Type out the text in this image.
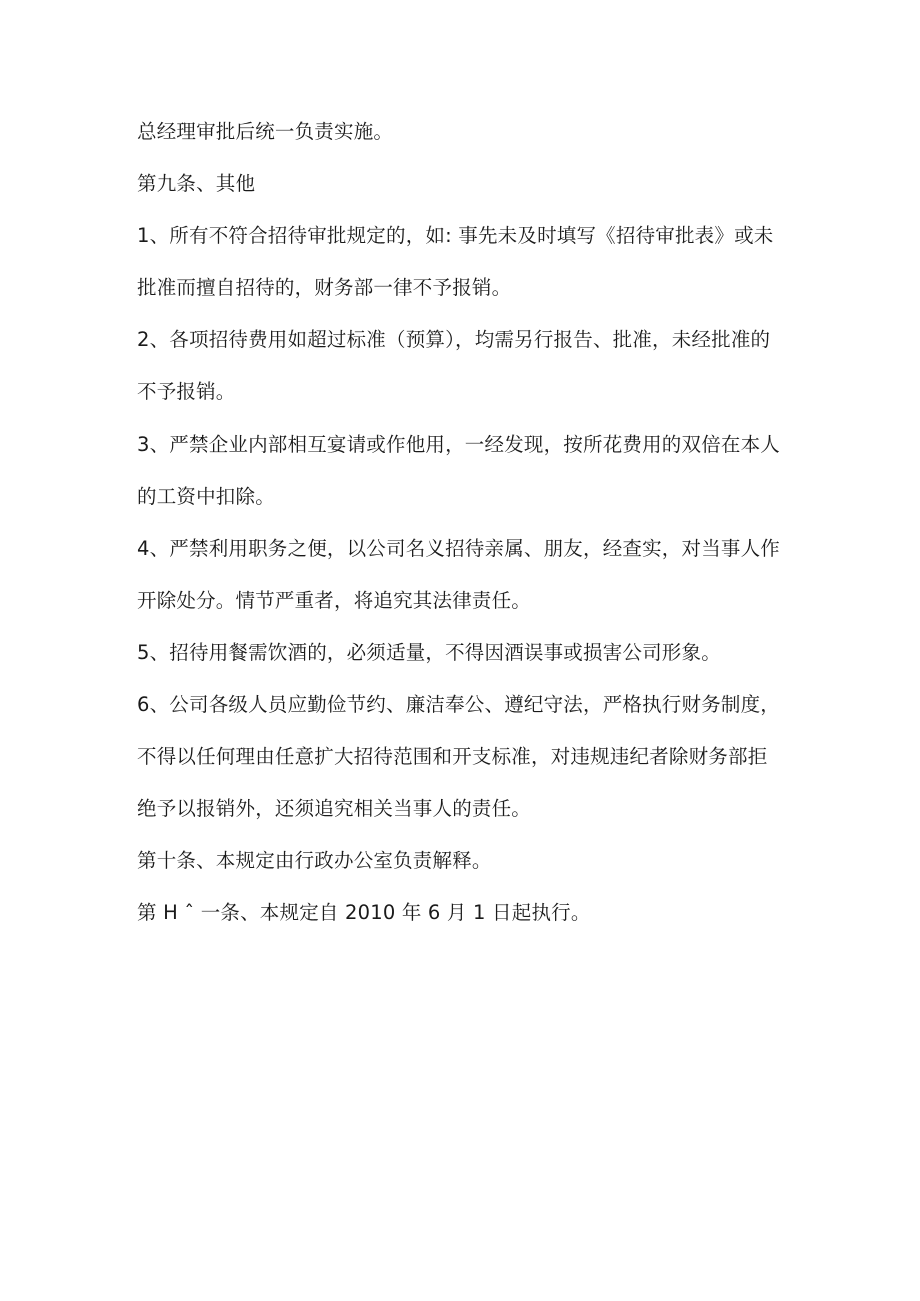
总经理审批后统一负责实施。
第九条、其他
1、所有不符合招待审批规定的，如: 事先未及时填写《招待审批表》或未
批准而擅自招待的，财务部一律不予报销。
2、各项招待费用如超过标准（预算），均需另行报告、批准，未经批准的
不予报销。
3、严禁企业内部相互宴请或作他用，一经发现，按所花费用的双倍在本人
的工资中扣除。
4、严禁利用职务之便，以公司名义招待亲属、朋友，经查实，对当事人作
开除处分。情节严重者，将追究其法律责任。
5、招待用餐需饮酒的，必须适量，不得因酒误事或损害公司形象。
6、公司各级人员应勤俭节约、廉洁奉公、遵纪守法，严格执行财务制度，
不得以任何理由任意扩大招待范围和开支标准，对违规违纪者除财务部拒
绝予以报销外，还须追究相关当事人的责任。
第十条、本规定由行政办公室负责解释。
第 H ˆ 一条、本规定自 2010 年 6 月 1 日起执行。
